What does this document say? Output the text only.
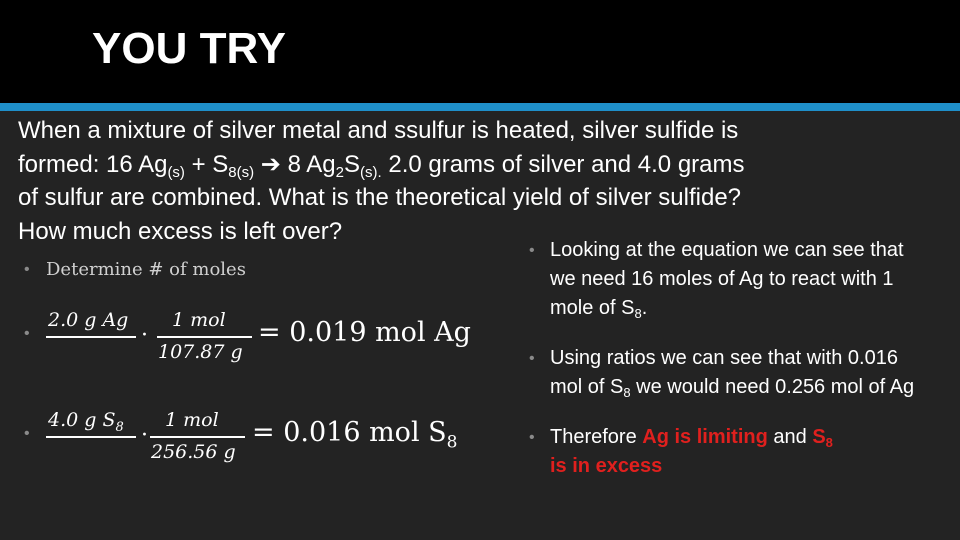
YOU TRY
When a mixture of silver metal and ssulfur is heated, silver sulfide is
formed: 16 $Ag_{(s)} + S_{8(s)}$ ➔ 8 $Ag_2S_{(s).}$ 2.0 grams of silver and 4.0 grams
of sulfur are combined. What is the theoretical yield of silver sulfide?
How much excess is left over?
• Determine # of moles
•
2.0 g Ag
·
1 mol
107.87 g
= 0.019 mol Ag
•
4.0 g $S_8$ ·
1 mol
256.56 g
= 0.016 mol $S_8$
• Looking at the equation we can see that we need 16 moles of Ag to react with 1 mole of $S_8$.
• Using ratios we can see that with 0.016 mol of $S_8$ we would need 0.256 mol of Ag
• Therefore Ag is limiting and $S_8$
is in excess
